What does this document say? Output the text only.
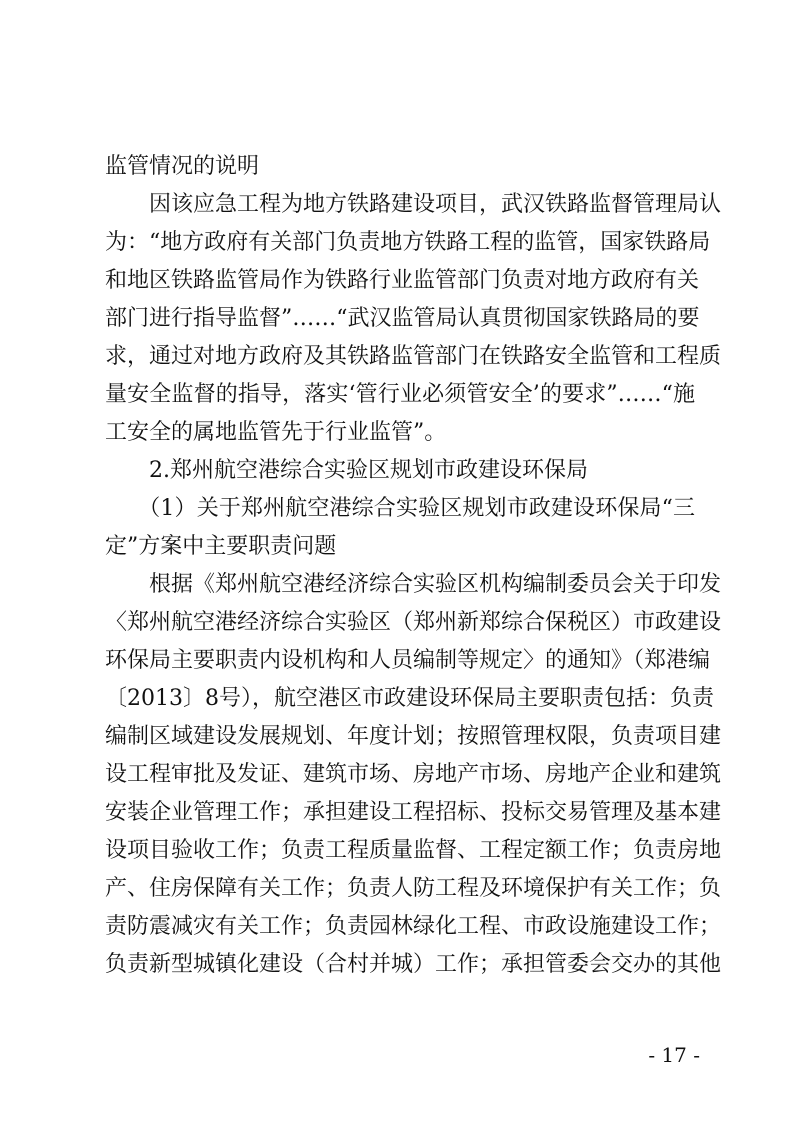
监管情况的说明
　　因该应急工程为地方铁路建设项目，武汉铁路监督管理局认
为：“地方政府有关部门负责地方铁路工程的监管，国家铁路局
和地区铁路监管局作为铁路行业监管部门负责对地方政府有关
部门进行指导监督”……“武汉监管局认真贯彻国家铁路局的要
求，通过对地方政府及其铁路监管部门在铁路安全监管和工程质
量安全监督的指导，落实‘管行业必须管安全’的要求”……“施
工安全的属地监管先于行业监管”。
　　2.郑州航空港综合实验区规划市政建设环保局
　　（1）关于郑州航空港综合实验区规划市政建设环保局“三
定”方案中主要职责问题
　　根据《郑州航空港经济综合实验区机构编制委员会关于印发
〈郑州航空港经济综合实验区（郑州新郑综合保税区）市政建设
环保局主要职责内设机构和人员编制等规定〉的通知》（郑港编
〔2013〕8号），航空港区市政建设环保局主要职责包括：负责
编制区域建设发展规划、年度计划；按照管理权限，负责项目建
设工程审批及发证、建筑市场、房地产市场、房地产企业和建筑
安装企业管理工作；承担建设工程招标、投标交易管理及基本建
设项目验收工作；负责工程质量监督、工程定额工作；负责房地
产、住房保障有关工作；负责人防工程及环境保护有关工作；负
责防震减灾有关工作；负责园林绿化工程、市政设施建设工作；
负责新型城镇化建设（合村并城）工作；承担管委会交办的其他
- 17 -
